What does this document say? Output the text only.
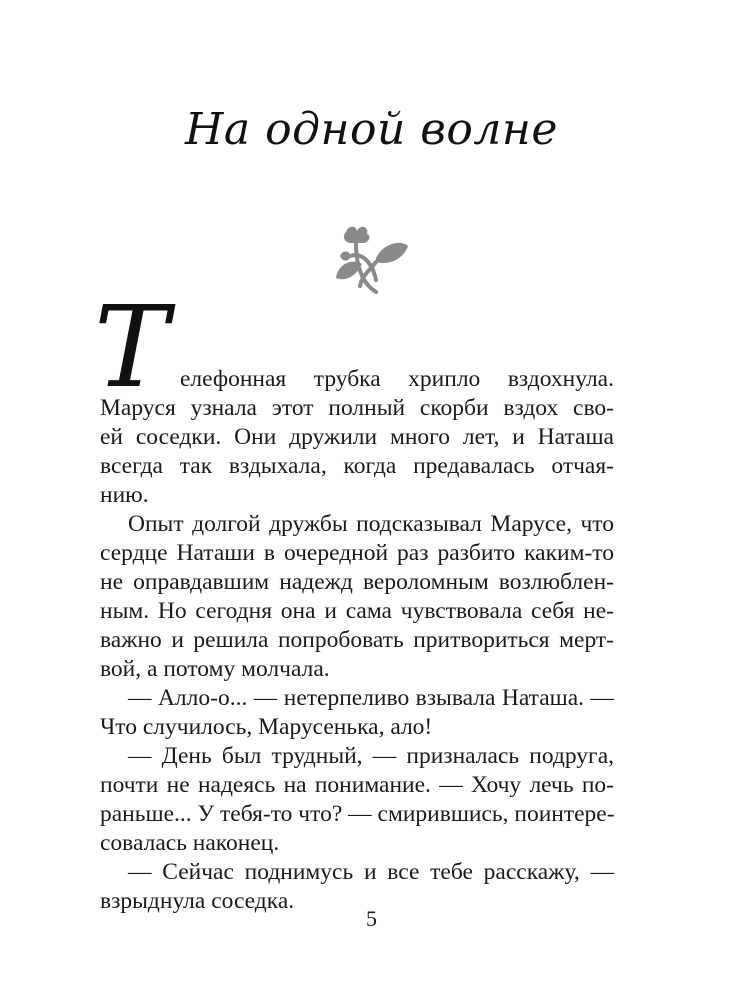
На одной волне
Т елефонная трубка хрипло вздохнула.
Маруся узнала этот полный скорби вздох сво-
ей соседки. Они дружили много лет, и Наташа
всегда так вздыхала, когда предавалась отчая-
нию.
Опыт долгой дружбы подсказывал Марусе, что
сердце Наташи в очередной раз разбито каким-то
не оправдавшим надежд вероломным возлюблен-
ным. Но сегодня она и сама чувствовала себя не-
важно и решила попробовать притвориться мерт-
вой, а потому молчала.
— Алло-о... — нетерпеливо взывала Наташа. —
Что случилось, Марусенька, ало!
— День был трудный, — призналась подруга,
почти не надеясь на понимание. — Хочу лечь по-
раньше... У тебя-то что? — смирившись, поинтере-
совалась наконец.
— Сейчас поднимусь и все тебе расскажу, —
взрыднула соседка.
5
